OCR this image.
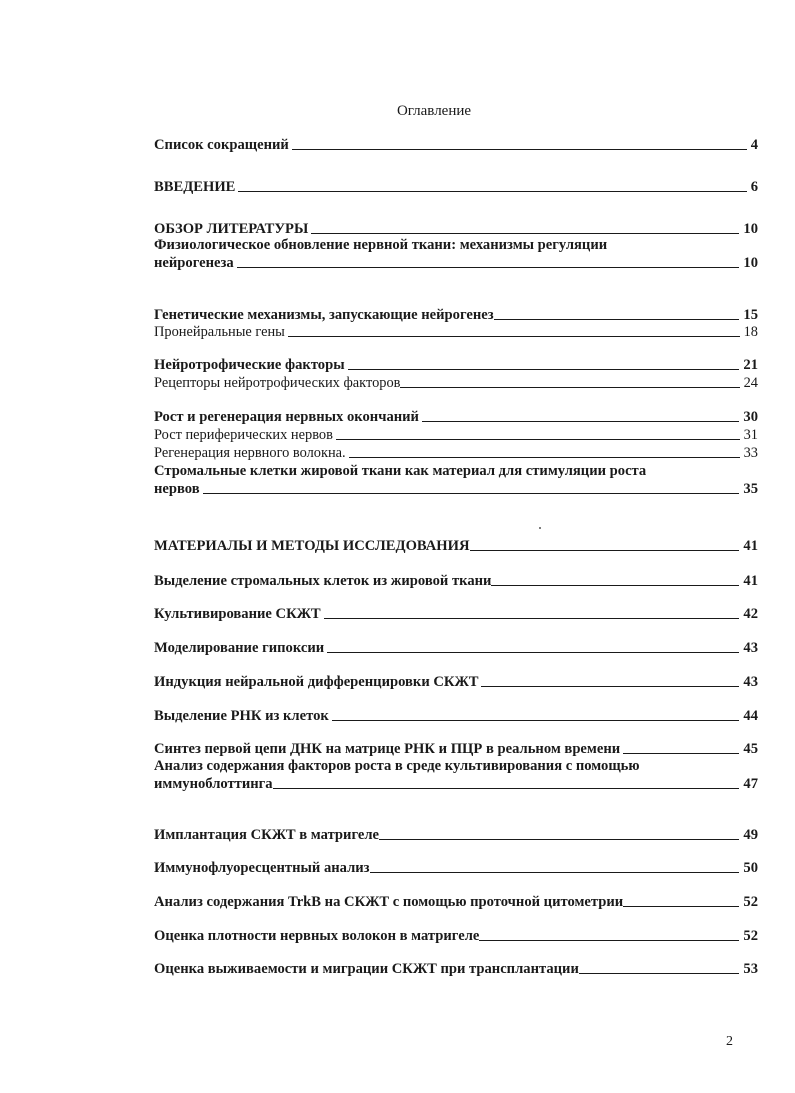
Оглавление
Список сокращений	4
ВВЕДЕНИЕ	6
ОБЗОР ЛИТЕРАТУРЫ	10
Физиологическое обновление нервной ткани: механизмы регуляции
нейрогенеза	10
Генетические механизмы, запускающие нейрогенез	15
Пронейральные гены	18
Нейротрофические факторы	21
Рецепторы нейротрофических факторов	24
Рост и регенерация нервных окончаний	30
Рост периферических нервов	31
Регенерация нервного волокна.	33
Стромальные клетки жировой ткани как материал для стимуляции роста
нервов	35
МАТЕРИАЛЫ И МЕТОДЫ ИССЛЕДОВАНИЯ	41
Выделение стромальных клеток из жировой ткани	41
Культивирование СКЖТ	42
Моделирование гипоксии	43
Индукция нейральной дифференцировки СКЖТ	43
Выделение РНК из клеток	44
Синтез первой цепи ДНК на матрице РНК и ПЦР в реальном времени	45
Анализ содержания факторов роста в среде культивирования с помощью
иммуноблоттинга	47
Имплантация СКЖТ в матригеле	49
Иммунофлуоресцентный анализ	50
Анализ содержания TrkB на СКЖТ с помощью проточной цитометрии	52
Оценка плотности нервных волокон в матригеле	52
Оценка выживаемости и миграции СКЖТ при трансплантации	53
2
